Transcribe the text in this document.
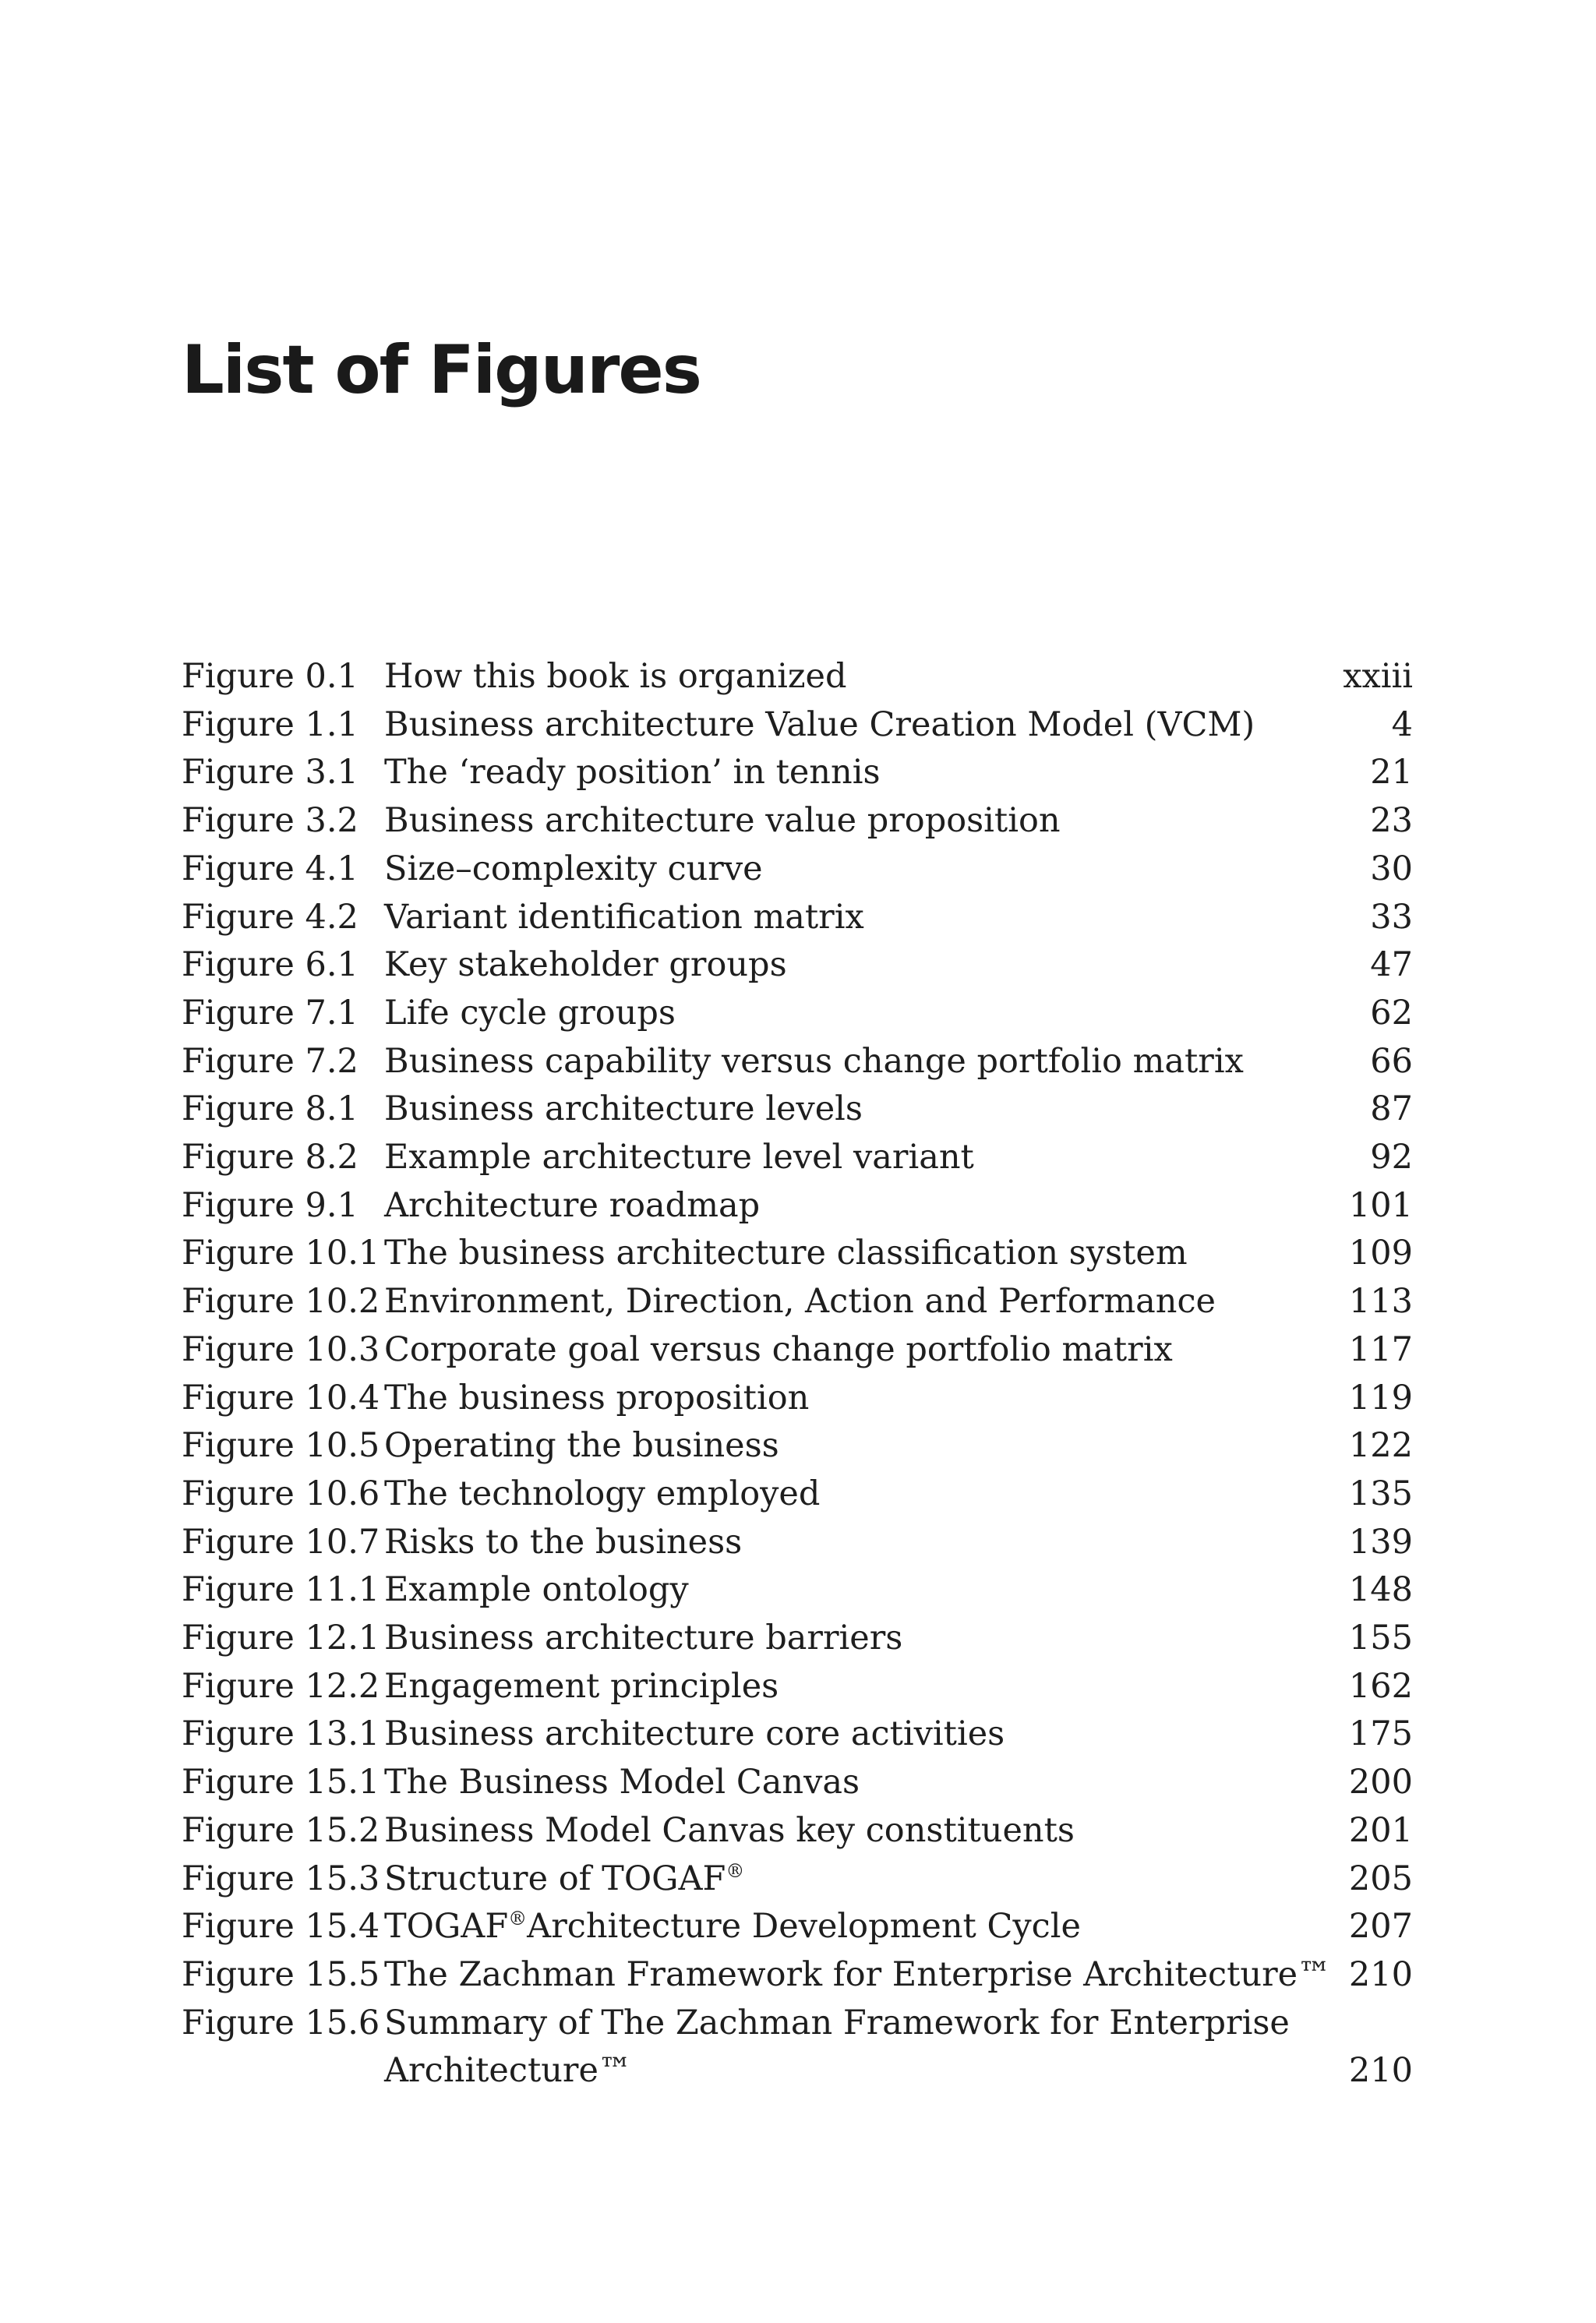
List of Figures
Figure 0.1 How this book is organized	xxiii
Figure 1.1 Business architecture Value Creation Model (VCM)	4
Figure 3.1 The ‘ready position’ in tennis	21
Figure 3.2 Business architecture value proposition	23
Figure 4.1 Size–complexity curve	30
Figure 4.2 Variant identification matrix	33
Figure 6.1 Key stakeholder groups	47
Figure 7.1 Life cycle groups	62
Figure 7.2 Business capability versus change portfolio matrix	66
Figure 8.1 Business architecture levels	87
Figure 8.2 Example architecture level variant	92
Figure 9.1 Architecture roadmap	101
Figure 10.1 The business architecture classification system	109
Figure 10.2 Environment, Direction, Action and Performance	113
Figure 10.3 Corporate goal versus change portfolio matrix	117
Figure 10.4 The business proposition	119
Figure 10.5 Operating the business	122
Figure 10.6 The technology employed	135
Figure 10.7 Risks to the business	139
Figure 11.1 Example ontology	148
Figure 12.1 Business architecture barriers	155
Figure 12.2 Engagement principles	162
Figure 13.1 Business architecture core activities	175
Figure 15.1 The Business Model Canvas	200
Figure 15.2 Business Model Canvas key constituents	201
Figure 15.3 Structure of TOGAF®	205
Figure 15.4 TOGAF®Architecture Development Cycle	207
Figure 15.5 The Zachman Framework for Enterprise Architecture™ 210
Figure 15.6 Summary of The Zachman Framework for Enterprise
Architecture™	210
